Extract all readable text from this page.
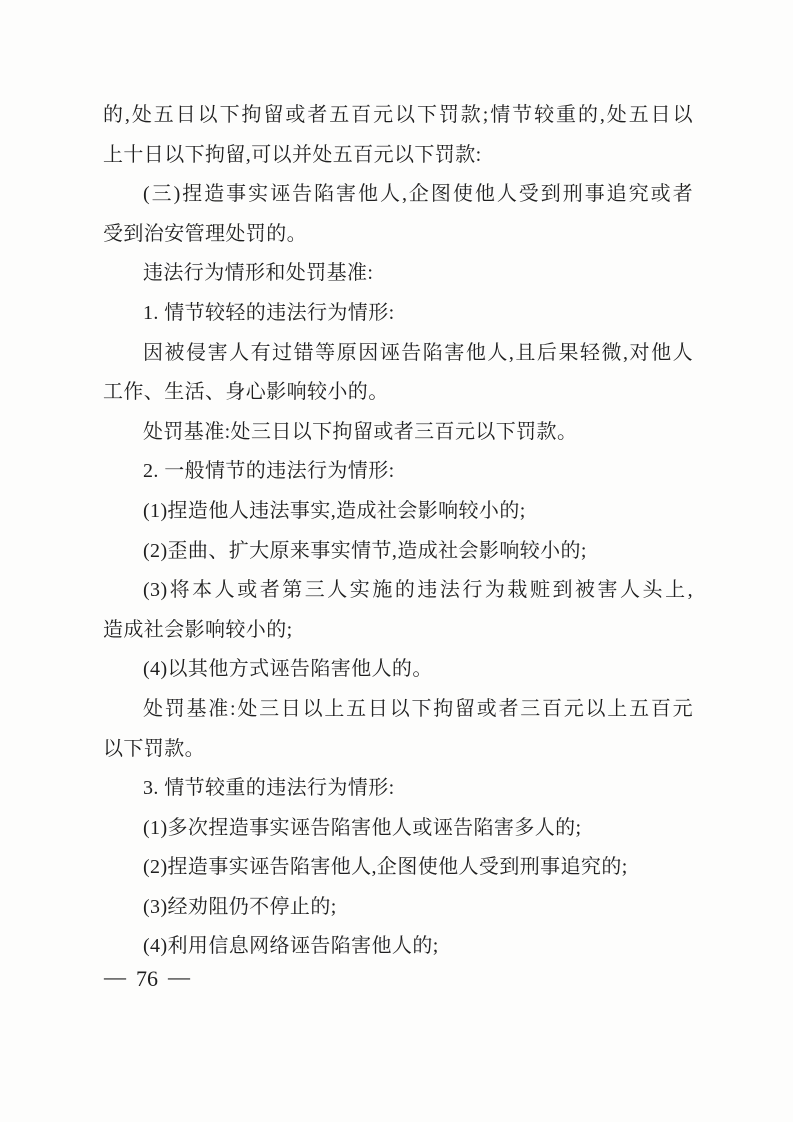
的,处五日以下拘留或者五百元以下罚款;情节较重的,处五日以
上十日以下拘留,可以并处五百元以下罚款:
(三)捏造事实诬告陷害他人,企图使他人受到刑事追究或者
受到治安管理处罚的。
违法行为情形和处罚基准:
1. 情节较轻的违法行为情形:
因被侵害人有过错等原因诬告陷害他人,且后果轻微,对他人
工作、生活、身心影响较小的。
处罚基准:处三日以下拘留或者三百元以下罚款。
2. 一般情节的违法行为情形:
(1)捏造他人违法事实,造成社会影响较小的;
(2)歪曲、扩大原来事实情节,造成社会影响较小的;
(3)将本人或者第三人实施的违法行为栽赃到被害人头上,
造成社会影响较小的;
(4)以其他方式诬告陷害他人的。
处罚基准:处三日以上五日以下拘留或者三百元以上五百元
以下罚款。
3. 情节较重的违法行为情形:
(1)多次捏造事实诬告陷害他人或诬告陷害多人的;
(2)捏造事实诬告陷害他人,企图使他人受到刑事追究的;
(3)经劝阻仍不停止的;
(4)利用信息网络诬告陷害他人的;
— 76 —
